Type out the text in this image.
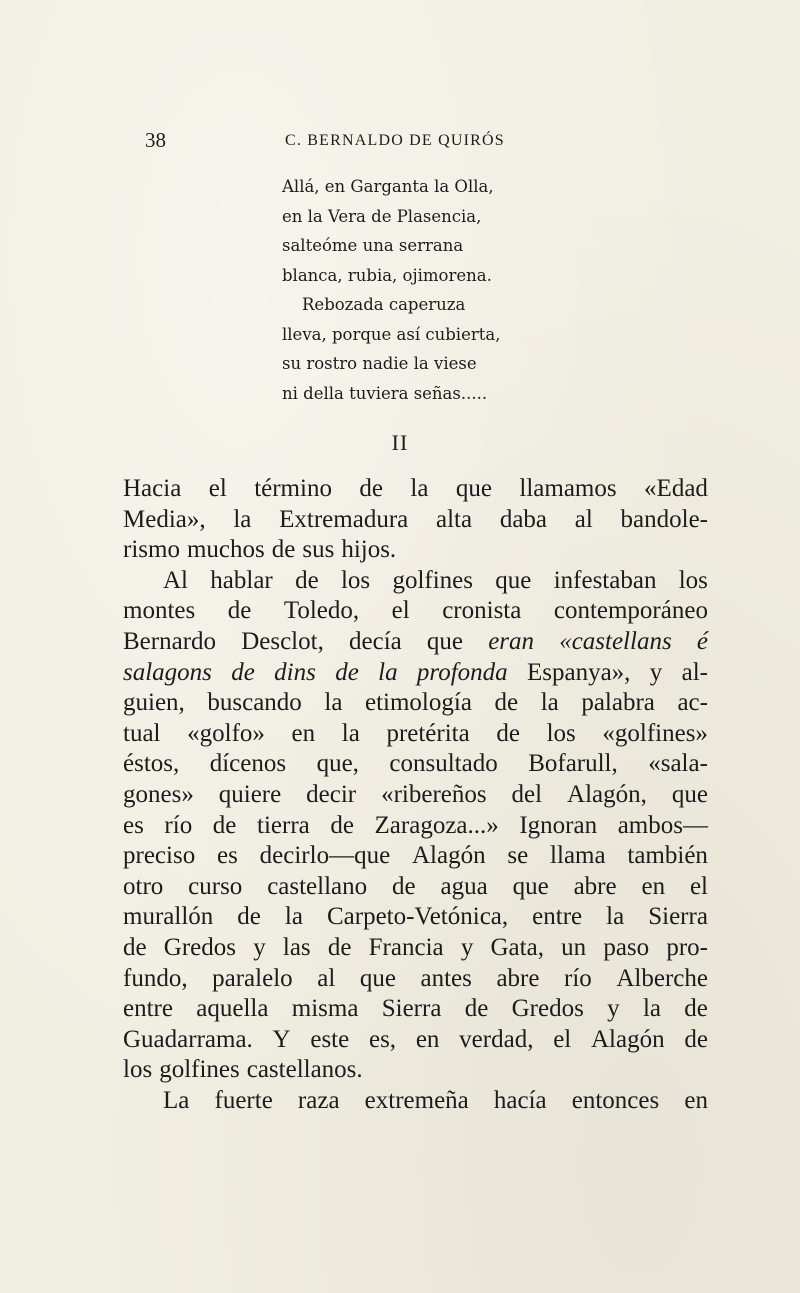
38	C. BERNALDO DE QUIRÓS
Allá, en Garganta la Olla,
en la Vera de Plasencia,
salteóme una serrana
blanca, rubia, ojimorena.
Rebozada caperuza
lleva, porque así cubierta,
su rostro nadie la viese
ni della tuviera señas.....
II
Hacia el término de la que llamamos «Edad
Media», la Extremadura alta daba al bandole-
rismo muchos de sus hijos.
Al hablar de los golfines que infestaban los
montes de Toledo, el cronista contemporáneo
Bernardo Desclot, decía que eran «castellans é
salagons de dins de la profonda Espanya», y al-
guien, buscando la etimología de la palabra ac-
tual «golfo» en la pretérita de los «golfines»
éstos, dícenos que, consultado Bofarull, «sala-
gones» quiere decir «ribereños del Alagón, que
es río de tierra de Zaragoza...» Ignoran ambos—
preciso es decirlo—que Alagón se llama también
otro curso castellano de agua que abre en el
murallón de la Carpeto-Vetónica, entre la Sierra
de Gredos y las de Francia y Gata, un paso pro-
fundo, paralelo al que antes abre río Alberche
entre aquella misma Sierra de Gredos y la de
Guadarrama. Y este es, en verdad, el Alagón de
los golfines castellanos.
La fuerte raza extremeña hacía entonces en
